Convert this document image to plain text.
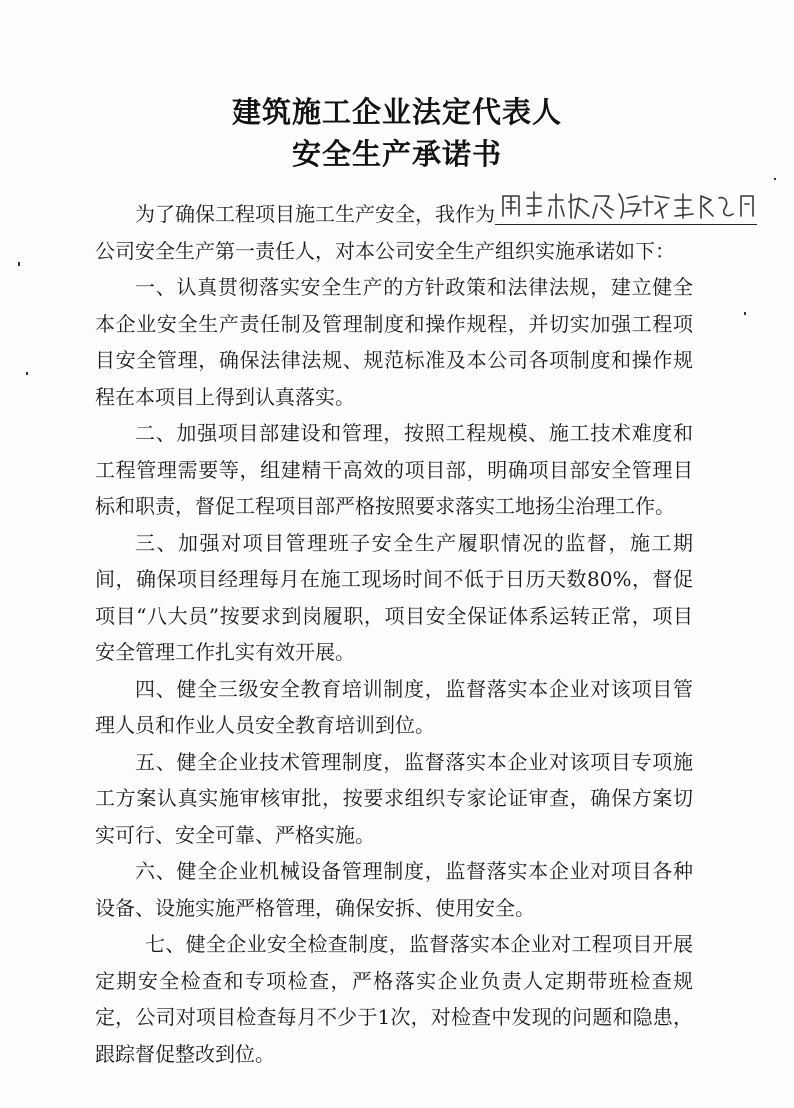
建筑施工企业法定代表人
安全生产承诺书

为了确保工程项目施工生产安全，我作为

公司安全生产第一责任人，对本公司安全生产组织实施承诺如下：

一、认真贯彻落实安全生产的方针政策和法律法规，建立健全本企业安全生产责任制及管理制度和操作规程，并切实加强工程项目安全管理，确保法律法规、规范标准及本公司各项制度和操作规程在本项目上得到认真落实。

二、加强项目部建设和管理，按照工程规模、施工技术难度和工程管理需要等，组建精干高效的项目部，明确项目部安全管理目标和职责，督促工程项目部严格按照要求落实工地扬尘治理工作。

三、加强对项目管理班子安全生产履职情况的监督，施工期间，确保项目经理每月在施工现场时间不低于日历天数80%，督促项目“八大员”按要求到岗履职，项目安全保证体系运转正常，项目安全管理工作扎实有效开展。

四、健全三级安全教育培训制度，监督落实本企业对该项目管理人员和作业人员安全教育培训到位。

五、健全企业技术管理制度，监督落实本企业对该项目专项施工方案认真实施审核审批，按要求组织专家论证审查，确保方案切实可行、安全可靠、严格实施。

六、健全企业机械设备管理制度，监督落实本企业对项目各种设备、设施实施严格管理，确保安拆、使用安全。

七、健全企业安全检查制度，监督落实本企业对工程项目开展定期安全检查和专项检查，严格落实企业负责人定期带班检查规定，公司对项目检查每月不少于1次，对检查中发现的问题和隐患，跟踪督促整改到位。
